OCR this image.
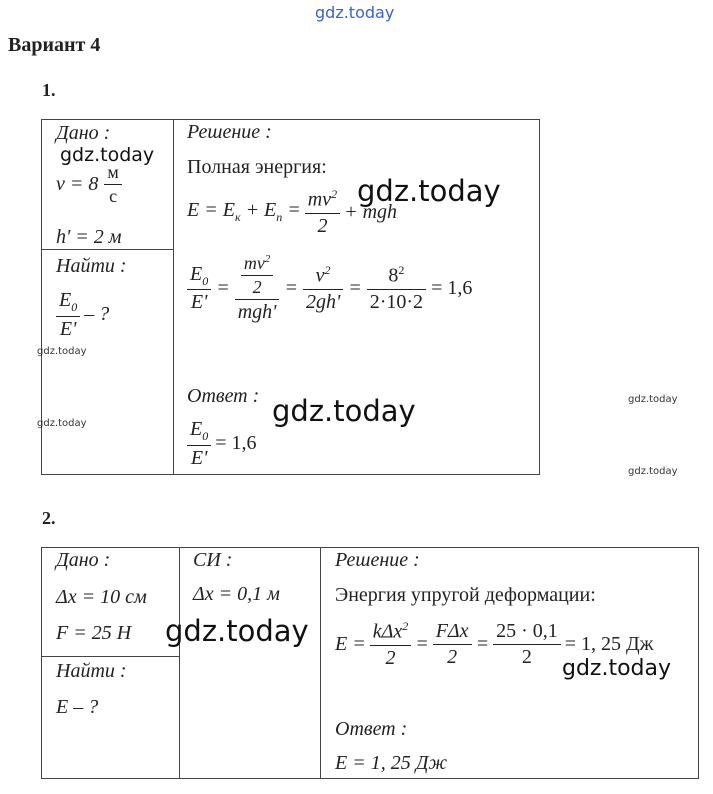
gdz.today
Вариант 4
1.
Дано :
$v = 8 \frac{м}{с}$
h' = 2 м
Найти :
$\frac{E_0}{E'}$ – ?
Решение :
Полная энергия:
$E = E_к + E_п = \frac{mv^2}{2}$ + mgh
$\frac{E_0}{E'} = \frac{\frac{mv^2}{2}}{\text{mgh'}} = \frac{v^2}{2gh'} = \frac{8^2}{2\cdot 10\cdot 2} = 1,6$
Ответ :
$\frac{E_0}{E'} = 1,6$
2.
Дано :
Δx = 10 см
F = 25 Н
Найти :
E – ?
СИ :
Δx = 0,1 м
Решение :
Энергия упругой деформации:
$E = \frac{k\Delta x^2}{2} = \frac{\text{FΔx}}{2} = \frac{25 \cdot 0,1}{2} = 1$, 25 Дж
Ответ :
E = 1, 25 Дж
gdz.today
gdz.today
gdz.today
gdz.today	gdz.today
gdz.today
gdz.today
gdz.today
gdz.today
